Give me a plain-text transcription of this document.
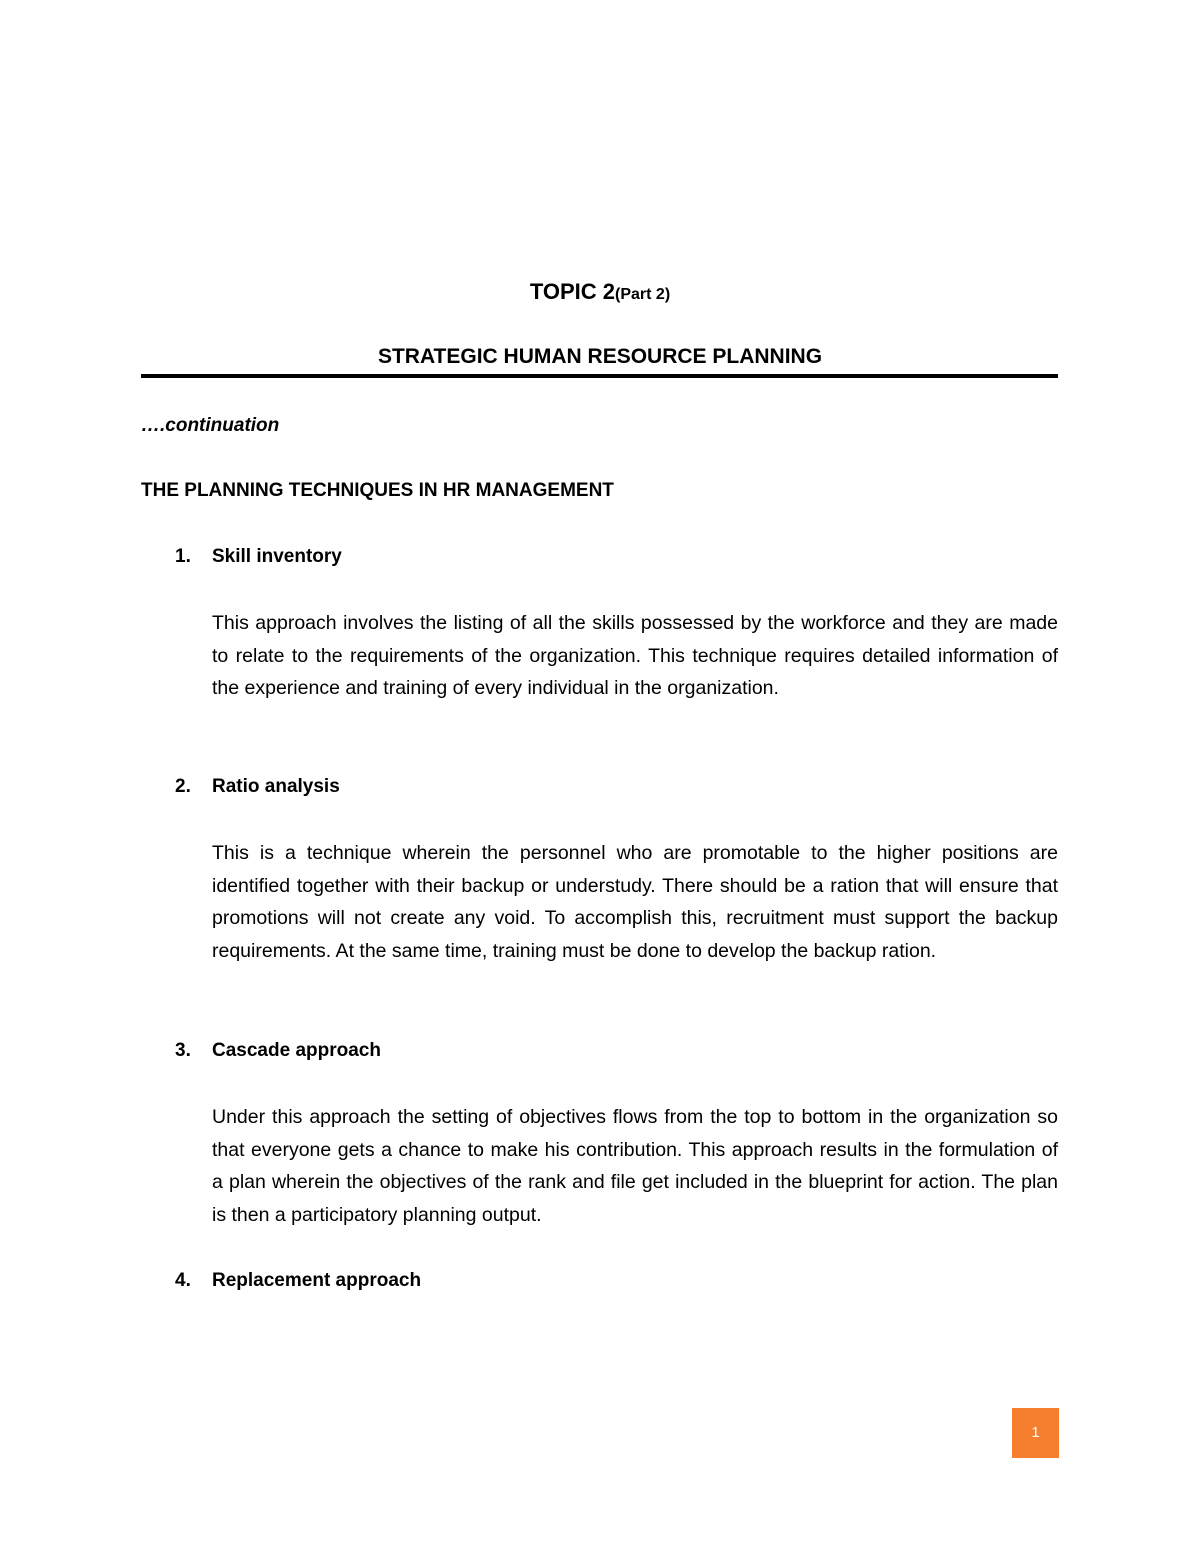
TOPIC 2(Part 2)
STRATEGIC HUMAN RESOURCE PLANNING
….continuation
THE PLANNING TECHNIQUES IN HR MANAGEMENT
1. Skill inventory
This approach involves the listing of all the skills possessed by the workforce and they are made to relate to the requirements of the organization. This technique requires detailed information of the experience and training of every individual in the organization.
2. Ratio analysis
This is a technique wherein the personnel who are promotable to the higher positions are identified together with their backup or understudy. There should be a ration that will ensure that promotions will not create any void. To accomplish this, recruitment must support the backup requirements. At the same time, training must be done to develop the backup ration.
3. Cascade approach
Under this approach the setting of objectives flows from the top to bottom in the organization so that everyone gets a chance to make his contribution. This approach results in the formulation of a plan wherein the objectives of the rank and file get included in the blueprint for action. The plan is then a participatory planning output.
4. Replacement approach
1
